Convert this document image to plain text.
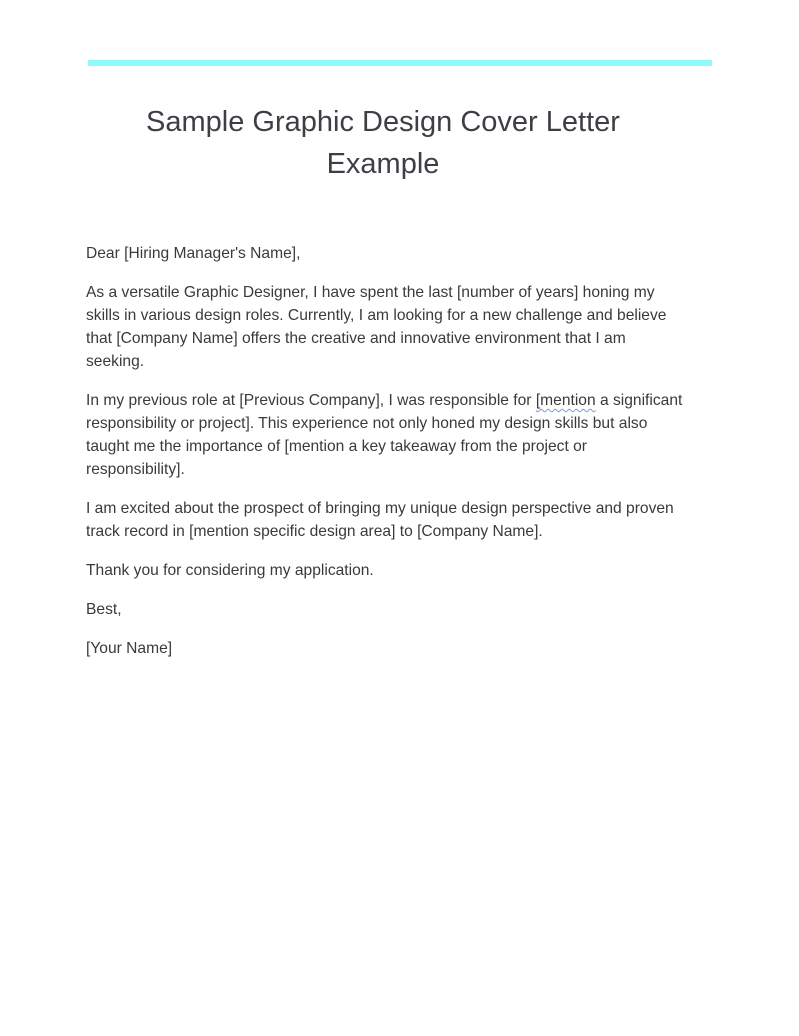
Sample Graphic Design Cover Letter Example

Dear [Hiring Manager's Name],

As a versatile Graphic Designer, I have spent the last [number of years] honing my skills in various design roles. Currently, I am looking for a new challenge and believe that [Company Name] offers the creative and innovative environment that I am seeking.

In my previous role at [Previous Company], I was responsible for [mention a significant responsibility or project]. This experience not only honed my design skills but also taught me the importance of [mention a key takeaway from the project or responsibility].

I am excited about the prospect of bringing my unique design perspective and proven track record in [mention specific design area] to [Company Name].

Thank you for considering my application.

Best,

[Your Name]
